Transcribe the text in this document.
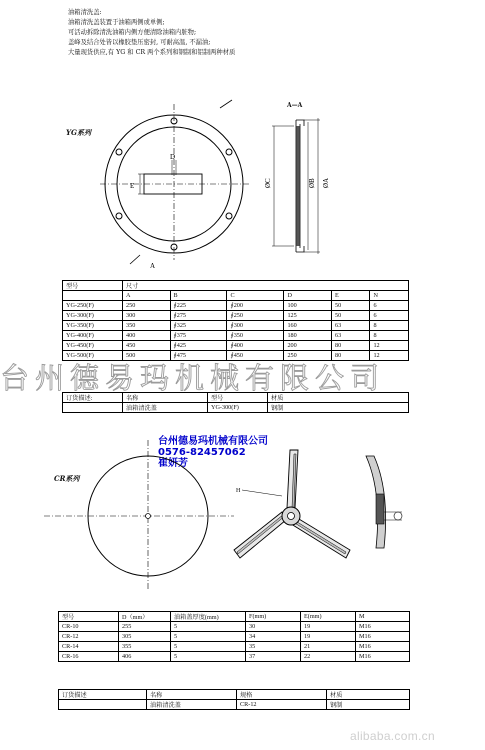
油箱清洗盖:

油箱清洗盖装置于油箱两侧或单侧;

可活动拆除清洗油箱内侧方便清除油箱内脏物;

盖峰及结合处皆以橡胶垫压密封, 可耐高温, 不漏油;

大量现货供应,有 YG 和 CR 两个系列和钢制和铝制两种材质

YG系列
D
E
A
A—A
ØC	ØB ØA
型号	尺寸					
	A	B	C	D	E	N
YG-250(F)	250	∮225	∮200	100	50	6
YG-300(F)	300	∮275	∮250	125	50	6
YG-350(F)	350	∮325	∮300	160	63	8
YG-400(F)	400	∮375	∮350	180	63	8
YG-450(F)	450	∮425	∮400	200	80	12
YG-500(F)	500	∮475	∮450	250	80	12
台州德易玛机械有限公司
订货描述:	名称	型号	材质
	油箱清洗盖	YG-300(F)	钢制

台州德易玛机械有限公司

0576-82457062

崔妍芳

CR系列
H
型号	D（mm）	油箱盖厚度(mm)	F(mm)	E(mm)	M
CR-10	255	5	30	19	M16
CR-12	305	5	34	19	M16
CR-14	355	5	35	21	M16
CR-16	406	5	37	22	M16
订货描述	名称	规格	材质
	油箱清洗盖	CR-12	钢制
alibaba.com.cn
